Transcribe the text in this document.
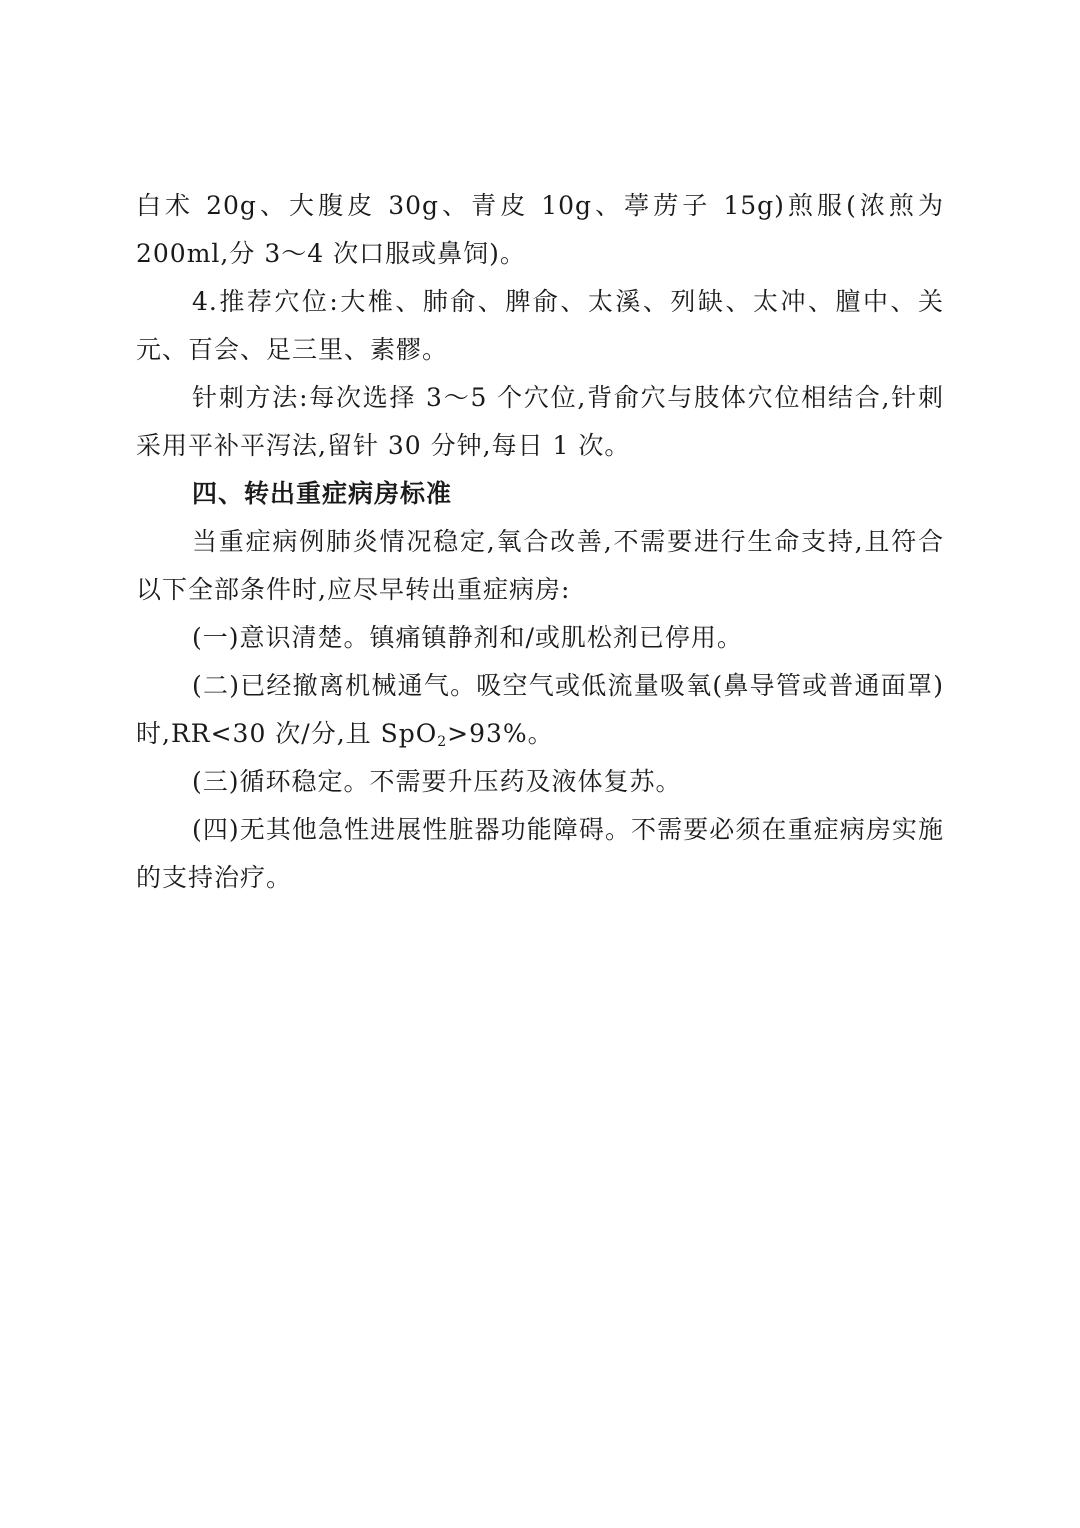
白术 20g、大腹皮 30g、青皮 10g、葶苈子 15g)煎服(浓煎为 200ml,分 3～4 次口服或鼻饲)。

4.推荐穴位:大椎、肺俞、脾俞、太溪、列缺、太冲、膻中、关元、百会、足三里、素髎。

针刺方法:每次选择 3～5 个穴位,背俞穴与肢体穴位相结合,针刺采用平补平泻法,留针 30 分钟,每日 1 次。

四、转出重症病房标准

当重症病例肺炎情况稳定,氧合改善,不需要进行生命支持,且符合以下全部条件时,应尽早转出重症病房:

(一)意识清楚。镇痛镇静剂和/或肌松剂已停用。

(二)已经撤离机械通气。吸空气或低流量吸氧(鼻导管或普通面罩)时,RR<30 次/分,且 SpO$_2$>93%。

(三)循环稳定。不需要升压药及液体复苏。

(四)无其他急性进展性脏器功能障碍。不需要必须在重症病房实施的支持治疗。
